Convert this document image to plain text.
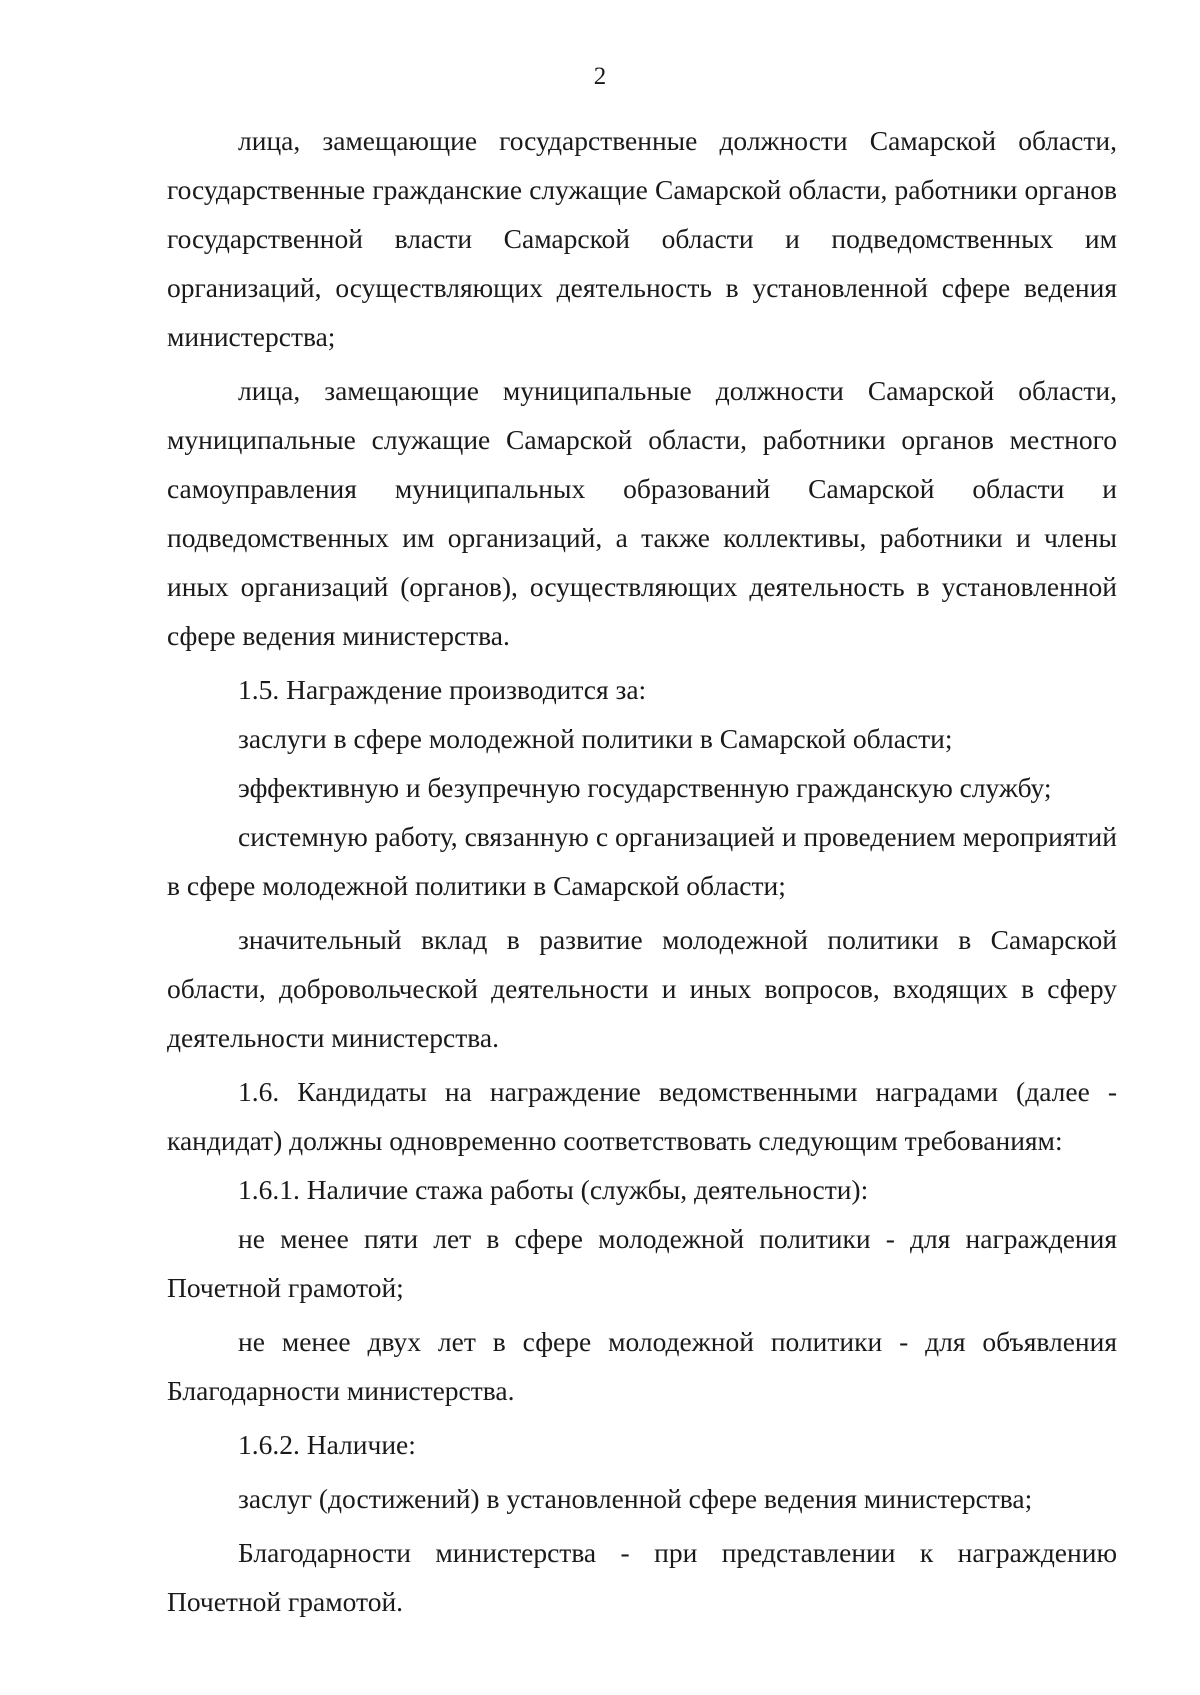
2

лица, замещающие государственные должности Самарской области, государственные гражданские служащие Самарской области, работники органов государственной власти Самарской области и подведомственных им организаций, осуществляющих деятельность в установленной сфере ведения министерства;

лица, замещающие муниципальные должности Самарской области, муниципальные служащие Самарской области, работники органов местного самоуправления муниципальных образований Самарской области и подведомственных им организаций, а также коллективы, работники и члены иных организаций (органов), осуществляющих деятельность в установленной сфере ведения министерства.

1.5. Награждение производится за:

заслуги в сфере молодежной политики в Самарской области;

эффективную и безупречную государственную гражданскую службу;

системную работу, связанную с организацией и проведением мероприятий в сфере молодежной политики в Самарской области;

значительный вклад в развитие молодежной политики в Самарской области, добровольческой деятельности и иных вопросов, входящих в сферу деятельности министерства.

1.6. Кандидаты на награждение ведомственными наградами (далее - кандидат) должны одновременно соответствовать следующим требованиям:

1.6.1. Наличие стажа работы (службы, деятельности):

не менее пяти лет в сфере молодежной политики - для награждения Почетной грамотой;

не менее двух лет в сфере молодежной политики - для объявления Благодарности министерства.

1.6.2. Наличие:

заслуг (достижений) в установленной сфере ведения министерства;

Благодарности министерства - при представлении к награждению Почетной грамотой.
